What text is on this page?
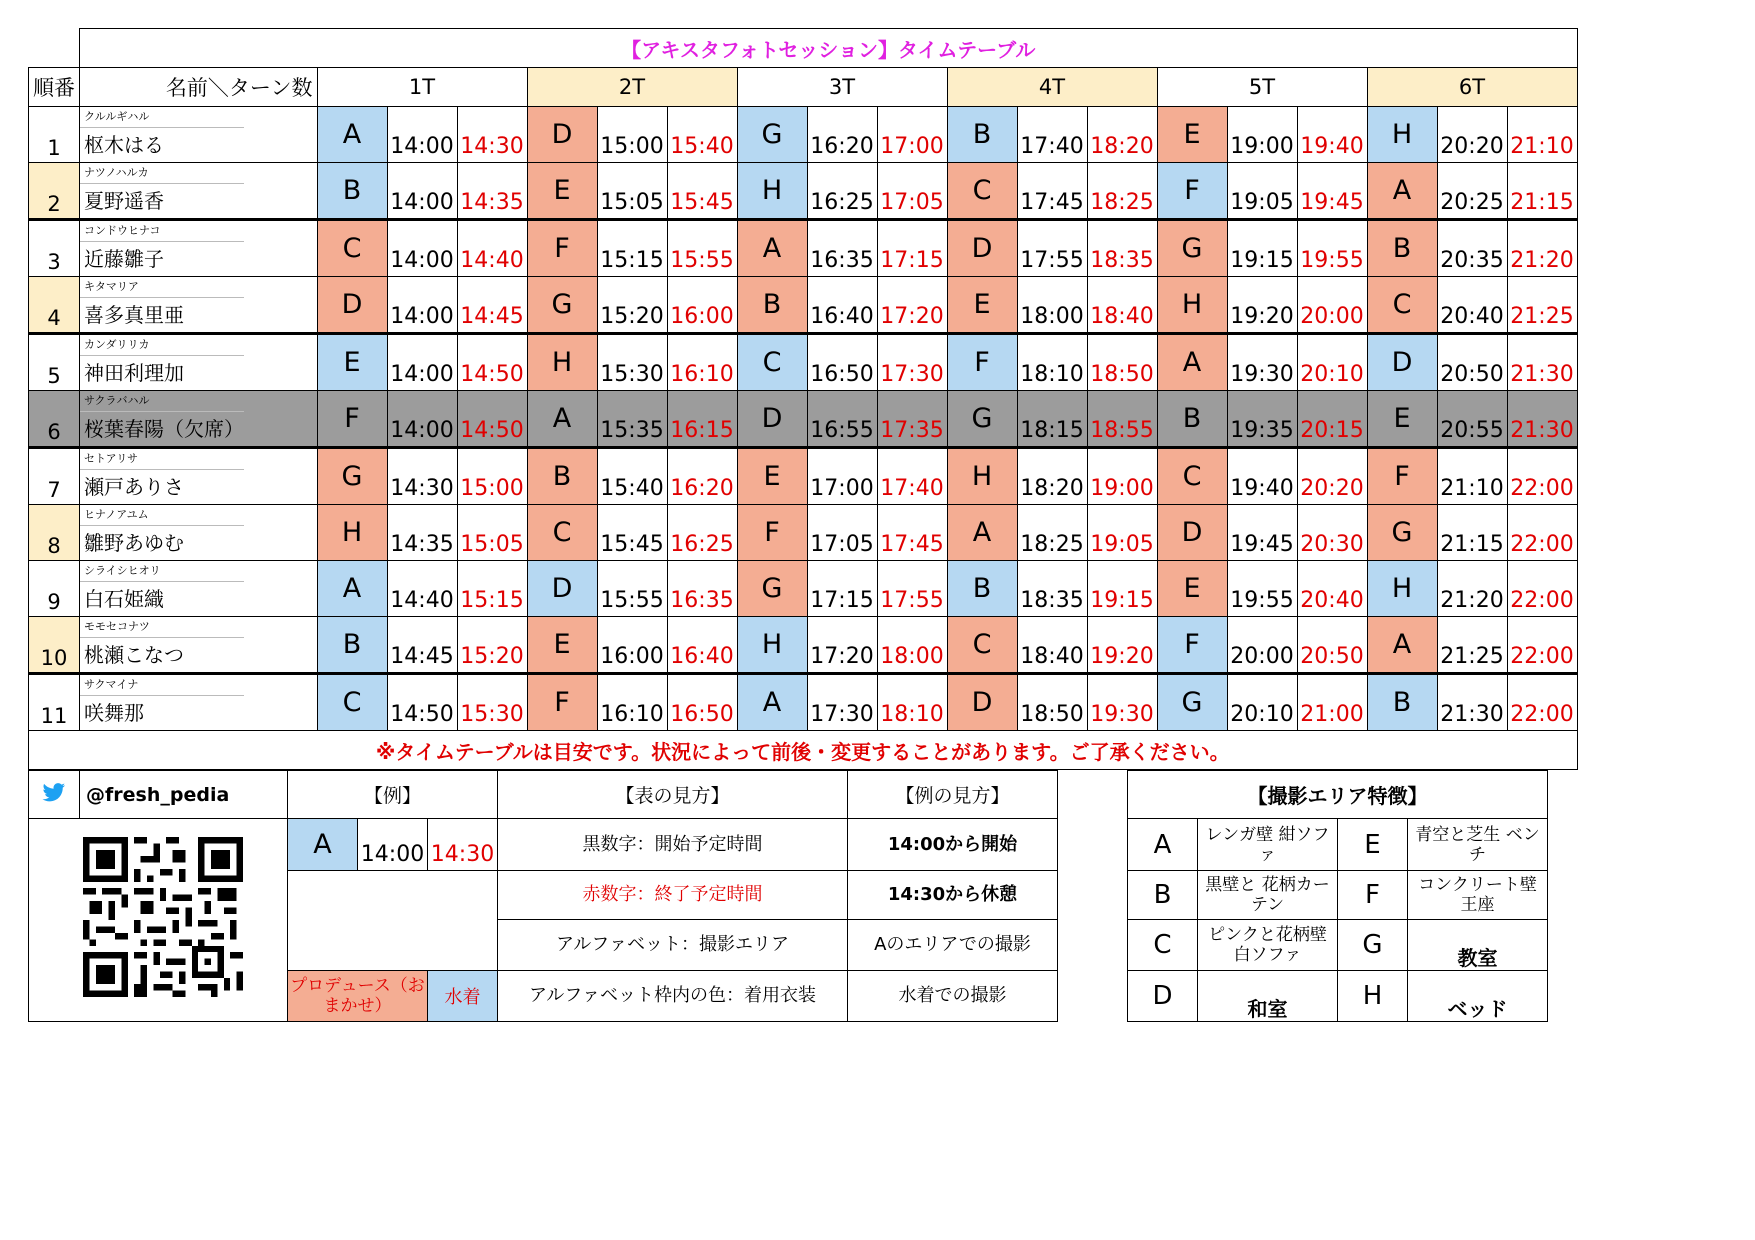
	【アキスタフォトセッション】タイムテーブル																			
順番	名前＼ターン数		1T			2T			3T			4T			5T			6T		
1	クルルギハル
枢木はる		A	14:00	14:30	D	15:00	15:40	G	16:20	17:00	B	17:40	18:20	E	19:00	19:40	H	20:20	21:10
2	ナツノハルカ
夏野遥香		B	14:00	14:35	E	15:05	15:45	H	16:25	17:05	C	17:45	18:25	F	19:05	19:45	A	20:25	21:15
3	コンドウヒナコ
近藤雛子		C	14:00	14:40	F	15:15	15:55	A	16:35	17:15	D	17:55	18:35	G	19:15	19:55	B	20:35	21:20
4	キタマリア
喜多真里亜		D	14:00	14:45	G	15:20	16:00	B	16:40	17:20	E	18:00	18:40	H	19:20	20:00	C	20:40	21:25
5	カンダリリカ
神田利理加		E	14:00	14:50	H	15:30	16:10	C	16:50	17:30	F	18:10	18:50	A	19:30	20:10	D	20:50	21:30
6	サクラバハル
桜葉春陽（欠席）		F	14:00	14:50	A	15:35	16:15	D	16:55	17:35	G	18:15	18:55	B	19:35	20:15	E	20:55	21:30
7	セトアリサ
瀬戸ありさ		G	14:30	15:00	B	15:40	16:20	E	17:00	17:40	H	18:20	19:00	C	19:40	20:20	F	21:10	22:00
8	ヒナノアユム
雛野あゆむ		H	14:35	15:05	C	15:45	16:25	F	17:05	17:45	A	18:25	19:05	D	19:45	20:30	G	21:15	22:00
9	シライシヒオリ
白石姫織		A	14:40	15:15	D	15:55	16:35	G	17:15	17:55	B	18:35	19:15	E	19:55	20:40	H	21:20	22:00
10	モモセコナツ
桃瀬こなつ		B	14:45	15:20	E	16:00	16:40	H	17:20	18:00	C	18:40	19:20	F	20:00	20:50	A	21:25	22:00
11	サクマイナ
咲舞那		C	14:50	15:30	F	16:10	16:50	A	17:30	18:10	D	18:50	19:30	G	20:10	21:00	B	21:30	22:00
※タイムテーブルは目安です。状況によって前後・変更することがあります。ご了承ください。																				
	@fresh_pedia	【例】			【表の見方】	【例の見方】		【撮影エリア特徴】			

	A	14:00	14:30	黒数字：開始予定時間	14:00から開始		A	レンガ壁 紺ソファ	E	青空と芝生 ベンチ
					赤数字：終了予定時間	14:30から休憩		B	黒壁と 花柄カーテン	F	コンクリート壁 王座
					アルファベット：撮影エリア	Aのエリアでの撮影		C	ピンクと花柄壁 白ソファ	G	教室
		プロデュース（おまかせ）		水着	アルファベット枠内の色：着用衣装	水着での撮影		D	和室	H	ベッド
